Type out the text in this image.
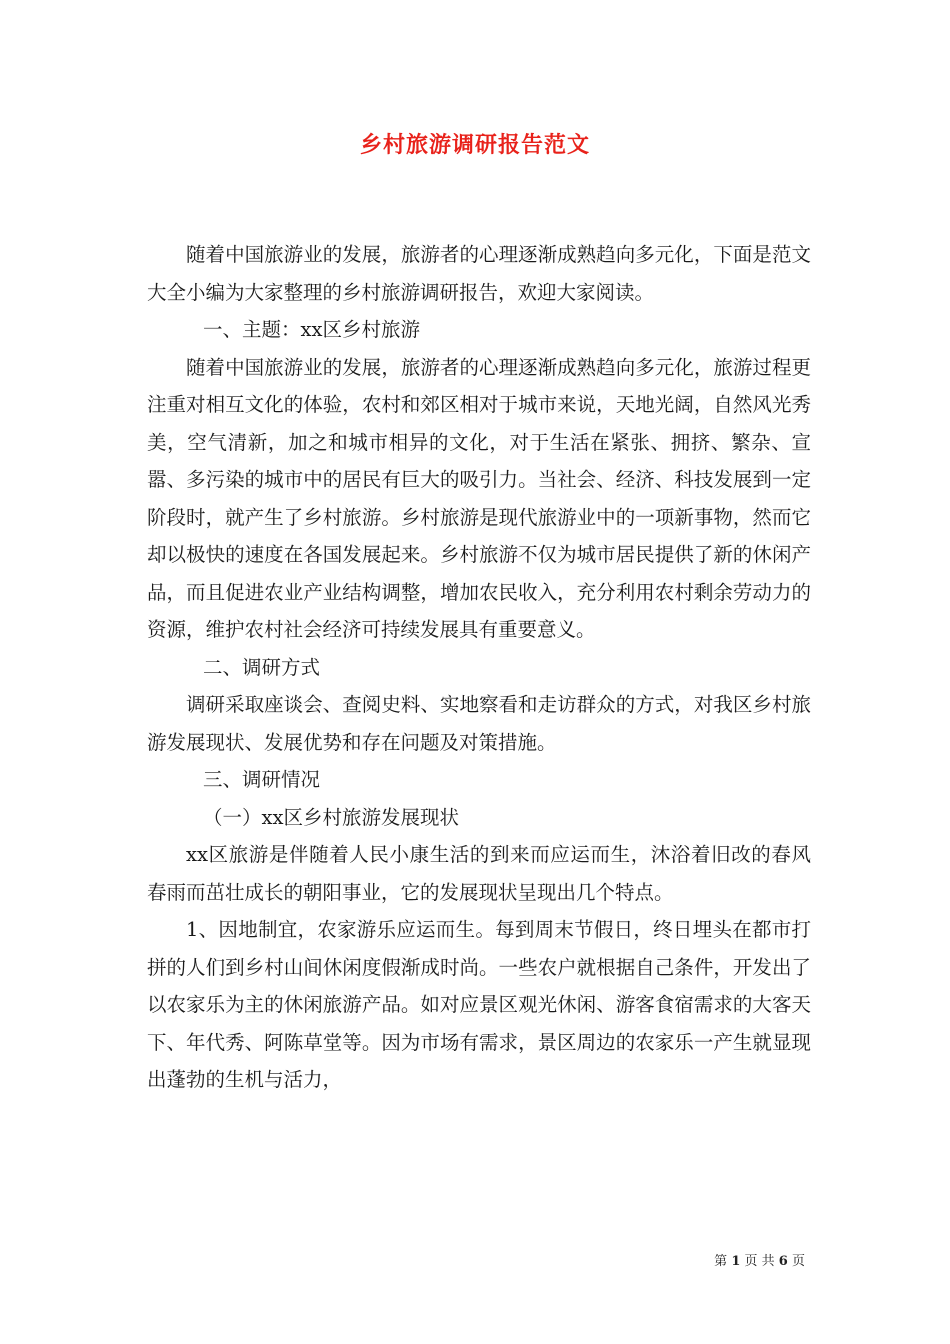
乡村旅游调研报告范文

随着中国旅游业的发展，旅游者的心理逐渐成熟趋向多元化，下面是范文大全小编为大家整理的乡村旅游调研报告，欢迎大家阅读。

一、主题：xx区乡村旅游

随着中国旅游业的发展，旅游者的心理逐渐成熟趋向多元化，旅游过程更注重对相互文化的体验，农村和郊区相对于城市来说，天地光阔，自然风光秀美，空气清新，加之和城市相异的文化，对于生活在紧张、拥挤、繁杂、宣嚣、多污染的城市中的居民有巨大的吸引力。当社会、经济、科技发展到一定阶段时，就产生了乡村旅游。乡村旅游是现代旅游业中的一项新事物，然而它却以极快的速度在各国发展起来。乡村旅游不仅为城市居民提供了新的休闲产品，而且促进农业产业结构调整，增加农民收入，充分利用农村剩余劳动力的资源，维护农村社会经济可持续发展具有重要意义。

二、调研方式

调研采取座谈会、查阅史料、实地察看和走访群众的方式，对我区乡村旅游发展现状、发展优势和存在问题及对策措施。

三、调研情况

（一）xx区乡村旅游发展现状

xx区旅游是伴随着人民小康生活的到来而应运而生，沐浴着旧改的春风春雨而茁壮成长的朝阳事业，它的发展现状呈现出几个特点。

1、因地制宜，农家游乐应运而生。每到周末节假日，终日埋头在都市打拼的人们到乡村山间休闲度假渐成时尚。一些农户就根据自己条件，开发出了以农家乐为主的休闲旅游产品。如对应景区观光休闲、游客食宿需求的大客天下、年代秀、阿陈草堂等。因为市场有需求，景区周边的农家乐一产生就显现出蓬勃的生机与活力，

第 1 页 共 6 页
